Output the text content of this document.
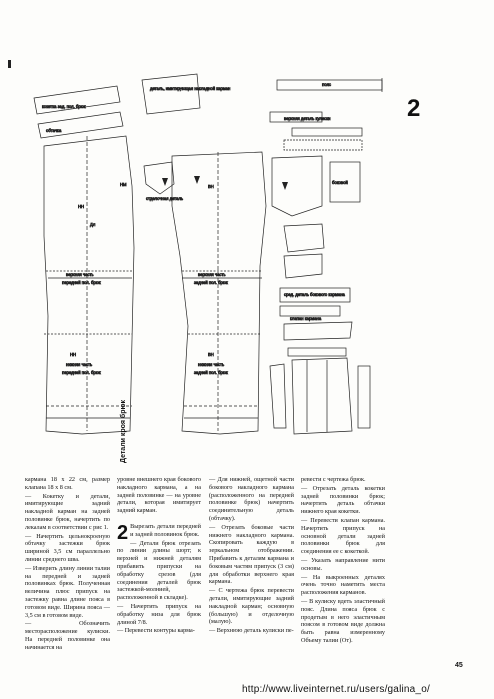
2
пояс
верхняя деталь кулиски
боковой
сред. деталь бокового кармана
клапан кармана
кокетка зад. пол. брюк
обтачка
деталь, имитирующая накладной карман
отделочная деталь
верхняя часть
передней пол. брюк
нижняя часть
передней пол. брюк
верхняя часть
задней пол. брюк
нижняя часть
задней пол. брюк
НН
ВН
НМ
Дл
НН	ВН
Детали кроя брюк

кармана 18 х 22 см, размер клапана 18 х 8 см.

— Кокетку и детали, имитирующие задний накладной карман на задней половинке брюк, начертить по лекалам в соответствии с рис 1.

— Начертить цельнокроеную обтачку застежки брюк шириной 3,5 см параллельно линии среднего шва.

— Изверить длину линии талии на передней и задней половинках брюк. Полученная величина плюс припуск на застежку равна длине пояса в готовом виде. Ширина пояса — 3,5 см в готовом виде.

— Обозначить месторасположение кулиски. На передней половинке она начинается на

уровне внешнего края бокового накладного кармана, а на задней половинке — на уровне детали, которая имитирует задний карман.

2 Вырезать детали передней и задней половинок брюк.

— Детали брюк отрезать по линии длины шорт; к верхней и нижней деталям прибавить припуски на обработку срезов (для соединения деталей брюк застежкой-молнией, расположенной в складке).

— Начертить припуск на обработку низа для брюк длиной 7/8.

— Перевести контуры карма-

— Для нижней, ощетной части бокового накладного кармана (расположенного на передней половинке брюк) начертить соединительную деталь (обтачку).

— Отрезать боковые части нижнего накладного кармана. Скопировать каждую в зеркальном отображении. Прибавить к деталям кармана и боковым частям припуск (3 см) для обработки верхнего края кармана.

— С чертежа брюк перевести детали, имитирующие задний накладной карман; основную (большую) и отделочную (малую).

— Верхнюю деталь кулиски пе-

ревести с чертежа брюк.

— Отрезать деталь кокетки задней половинки брюк; начертить деталь обтачки нижнего края кокетки.

— Перевести клапан кармана. Начертить припуск на основной детали задней половинки брюк для соединения ее с кокеткой.

— Указать направление нити основы.

— На выкроенных деталях очень точно наметить места расположения карманов.

— В кулиску вдеть эластичный пояс. Длина пояса брюк с продетым в него эластичным поясом в готовом виде должна быть равна измеренному Объему талии (От).

45
http://www.liveinternet.ru/users/galina_o/
